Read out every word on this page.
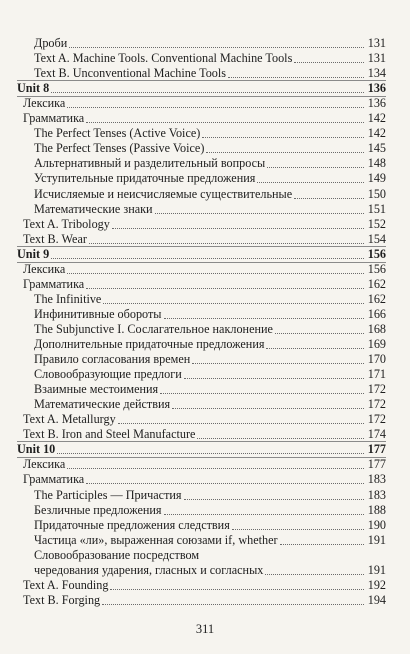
Дроби	131
Text A. Machine Tools. Conventional Machine Tools	131
Text B. Unconventional Machine Tools	134
Unit 8	136
Лексика	136
Грамматика	142
The Perfect Tenses (Active Voice)	142
The Perfect Tenses (Passive Voice)	145
Альтернативный и разделительный вопросы	148
Уступительные придаточные предложения	149
Исчисляемые и неисчисляемые существительные	150
Математические знаки	151
Text A. Tribology	152
Text B. Wear	154
Unit 9	156
Лексика	156
Грамматика	162
The Infinitive	162
Инфинитивные обороты	166
The Subjunctive I. Сослагательное наклонение	168
Дополнительные придаточные предложения	169
Правило согласования времен	170
Словообразующие предлоги	171
Взаимные местоимения	172
Математические действия	172
Text A. Metallurgy	172
Text B. Iron and Steel Manufacture	174
Unit 10	177
Лексика	177
Грамматика	183
The Participles — Причастия	183
Безличные предложения	188
Придаточные предложения следствия	190
Частица «ли», выраженная союзами if, whether	191
Словообразование посредством
чередования ударения, гласных и согласных	191
Text A. Founding	192
Text B. Forging	194
311
